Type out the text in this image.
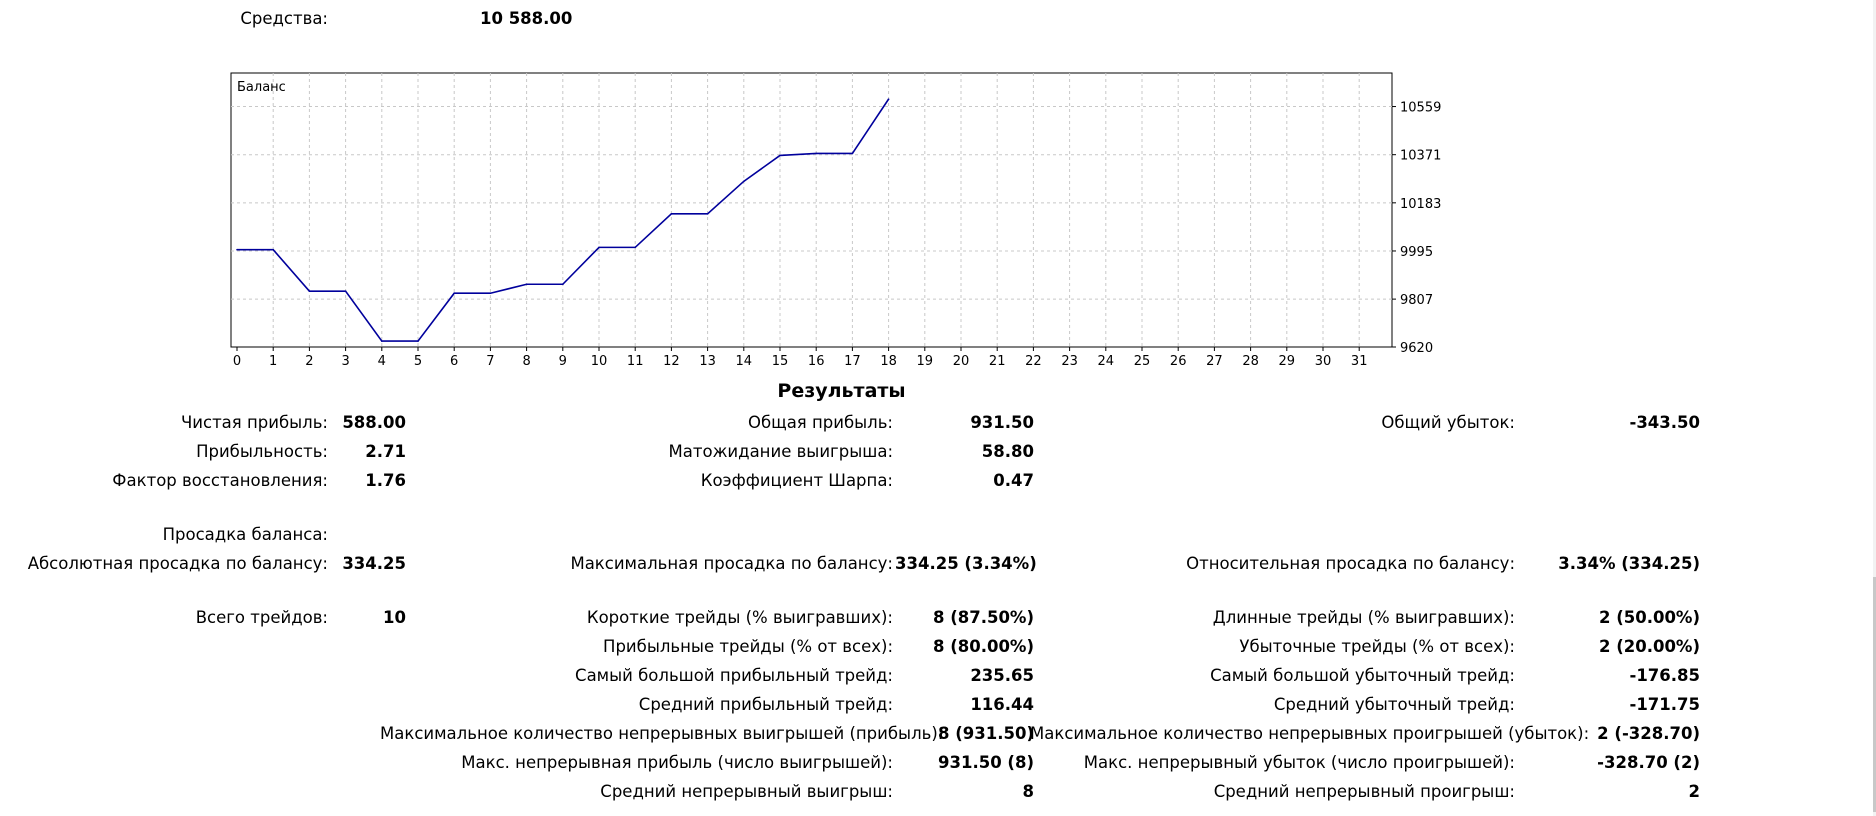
Средства:	10 588.00
Баланс
0 1 2 3 4 5 6 7 8 9 10 11 12 13 14 15 16 17 18 19 20 21 22 23 24 25 26 27 28 29 30 31
10559
10371
10183
9995
9807
9620
Результаты
Чистая прибыль: 588.00
Прибыльность:	2.71
Фактор восстановления:	1.76
Просадка баланса:
Абсолютная просадка по балансу: 334.25
Всего трейдов:	10
Общая прибыль:	931.50
Матожидание выигрыша:	58.80
Коэффициент Шарпа:	0.47
Максимальная просадка по балансу: 334.25 (3.34%)
Короткие трейды (% выигравших):	8 (87.50%)
Прибыльные трейды (% от всех):	8 (80.00%)
Самый большой прибыльный трейд:	235.65
Средний прибыльный трейд:	116.44
Максимальное количество непрерывных выигрышей (прибыль):
8 (931.50)
Макс. непрерывная прибыль (число выигрышей):	931.50 (8)
Средний непрерывный выигрыш:	8
Общий убыток:	-343.50
Относительная просадка по балансу:	3.34% (334.25)
Длинные трейды (% выигравших):	2 (50.00%)
Убыточные трейды (% от всех):	2 (20.00%)
Самый большой убыточный трейд:	-176.85
Средний убыточный трейд:	-171.75
Максимальное количество непрерывных проигрышей (убыток): 2 (-328.70)
Макс. непрерывный убыток (число проигрышей):	-328.70 (2)
Средний непрерывный проигрыш:	2
